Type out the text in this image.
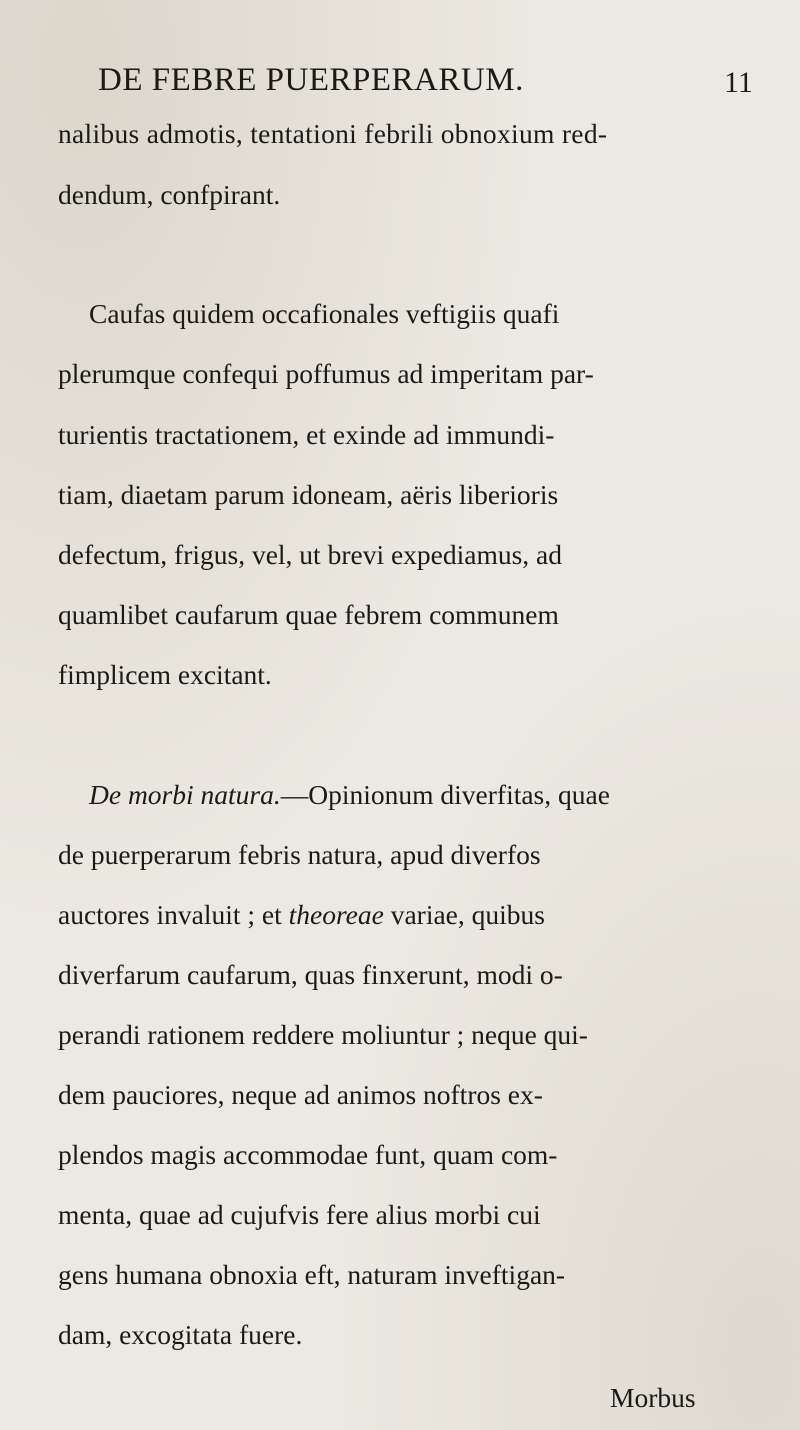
DE FEBRE PUERPERARUM.	11
nalibus admotis, tentationi febrili obnoxium red-
dendum, confpirant.
Caufas quidem occafionales veftigiis quafi
plerumque confequi poffumus ad imperitam par-
turientis tractationem, et exinde ad immundi-
tiam, diaetam parum idoneam, aëris liberioris
defectum, frigus, vel, ut brevi expediamus, ad
quamlibet caufarum quae febrem communem
fimplicem excitant.
De morbi natura.—Opinionum diverfitas, quae
de puerperarum febris natura, apud diverfos
auctores invaluit ; et theoreae variae, quibus
diverfarum caufarum, quas finxerunt, modi o-
perandi rationem reddere moliuntur ; neque qui-
dem pauciores, neque ad animos noftros ex-
plendos magis accommodae funt, quam com-
menta, quae ad cujufvis fere alius morbi cui
gens humana obnoxia eft, naturam inveftigan-
dam, excogitata fuere.
Morbus
